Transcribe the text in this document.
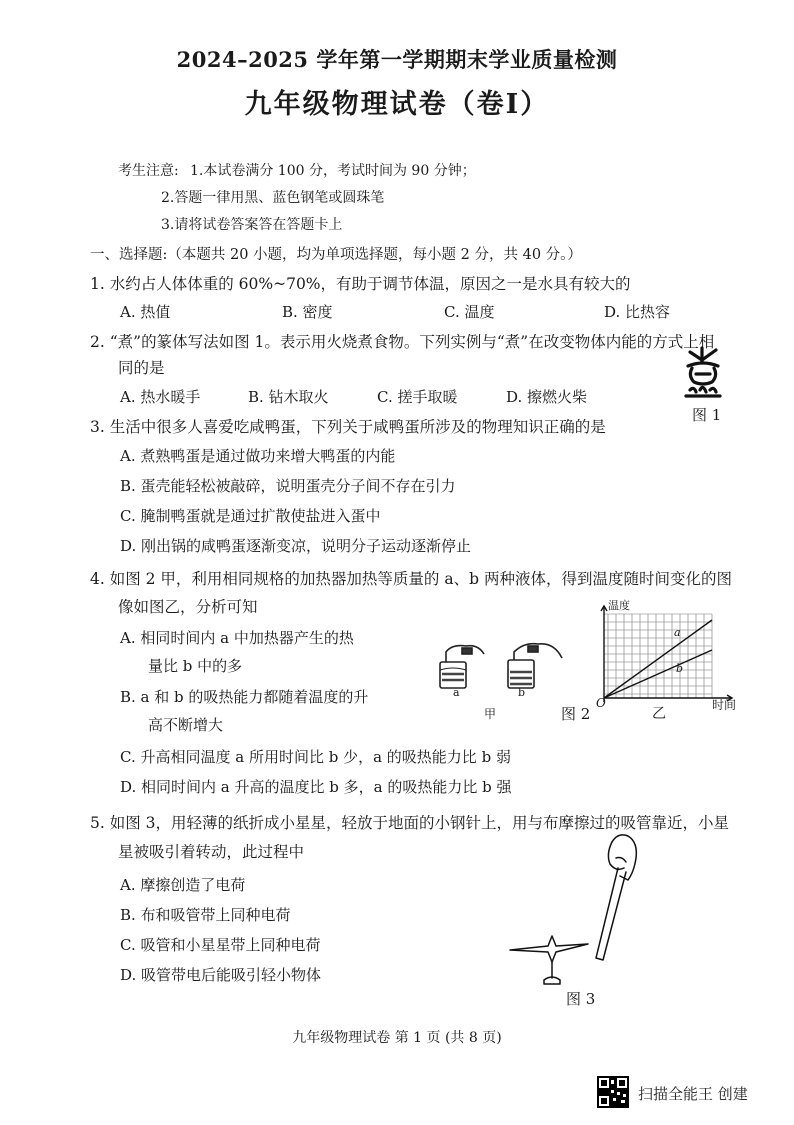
2024–2025 学年第一学期期末学业质量检测
九年级物理试卷（卷Ⅰ）
考生注意: 1.本试卷满分 100 分，考试时间为 90 分钟；
2.答题一律用黑、蓝色钢笔或圆珠笔
3.请将试卷答案答在答题卡上
一、选择题:（本题共 20 小题，均为单项选择题，每小题 2 分，共 40 分。）
1. 水约占人体体重的 60%~70%，有助于调节体温，原因之一是水具有较大的
A. 热值	B. 密度	C. 温度	D. 比热容
2. “煮”的篆体写法如图 1。表示用火烧煮食物。下列实例与“煮”在改变物体内能的方式上相
同的是
A. 热水暖手	B. 钻木取火	C. 搓手取暖	D. 擦燃火柴
图 1
3. 生活中很多人喜爱吃咸鸭蛋，下列关于咸鸭蛋所涉及的物理知识正确的是
A. 煮熟鸭蛋是通过做功来增大鸭蛋的内能
B. 蛋壳能轻松被敲碎，说明蛋壳分子间不存在引力
C. 腌制鸭蛋就是通过扩散使盐进入蛋中
D. 刚出锅的咸鸭蛋逐渐变凉，说明分子运动逐渐停止
4. 如图 2 甲，利用相同规格的加热器加热等质量的 a、b 两种液体，得到温度随时间变化的图
像如图乙，分析可知
A. 相同时间内 a 中加热器产生的热
量比 b 中的多
B. a 和 b 的吸热能力都随着温度的升
高不断增大
C. 升高相同温度 a 所用时间比 b 少，a 的吸热能力比 b 弱
D. 相同时间内 a 升高的温度比 b 多，a 的吸热能力比 b 强
a	b
甲	图 2
温度
时间
O
a
b
乙
5. 如图 3，用轻薄的纸折成小星星，轻放于地面的小钢针上，用与布摩擦过的吸管靠近，小星
星被吸引着转动，此过程中
A. 摩擦创造了电荷
B. 布和吸管带上同种电荷
C. 吸管和小星星带上同种电荷
D. 吸管带电后能吸引轻小物体
图 3
九年级物理试卷 第 1 页 (共 8 页)
扫描全能王 创建
